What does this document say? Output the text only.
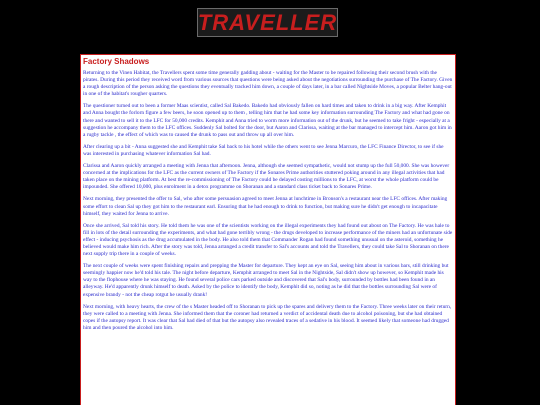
TRAVELLER
Factory Shadows

Returning to the Vinen Habitat, the Travellers spent some time generally gadding about - waiting for the Master to be repaired following their second brush with the pirates. During this period they received word from various sources that questions were being asked about the negotiations surrounding the purchase of The Factory. Given a rough description of the person asking the questions they eventually tracked him down, a couple of days later, in a bar called Nightside Moves, a popular Belter hang-out in one of the habitat's rougher quarters.

The questioner turned out to been a former Maas scientist, called Sal Bakedo. Bakedo had obviously fallen on hard times and taken to drink in a big way. After Kemphit and Anna bought the forlorn figure a few beers, he soon opened up to them , telling him that he had some key information surrounding The Factory and what had gone on there and wanted to sell it to the LFC for 50,000 credits. Kemphit and Anna tried to worm more information out of the drunk, but he seemed to take fright - especially at a suggestion he accompany them to the LFC offices. Suddenly Sal bolted for the door, but Aaron and Clarissa, waiting at the bar managed to intercept him. Aaron got him in a rugby tackle , the effect of which was to caused the drunk to pass out and throw up all over him.

After clearing up a bit - Anna suggested she and Kemphit take Sal back to his hotel while the others went to see Jenna Marcuro, the LFC Finance Director, to see if she was interested in purchasing whatever information Sal had.

Clarissa and Aaron quickly arranged a meeting with Jenna that afternoon. Jenna, although she seemed sympathetic, would not stump up the full 50,000. She was however concerned at the implications for the LFC as the current owners of The Factory if the Sonares Prime authorities stuttered poking around in any illegal activities that had taken place on the mining platform. At best the re-commissioning of The Factory could be delayed costing millions to the LFC, at worst the whole platform could be impounded. She offered 10,000, plus enrolment in a detox programme on Shoranan and a standard class ticket back to Sonares Prime.

Next morning, they presented the offer to Sal, who after some persuasion agreed to meet Jenna at lunchtime in Bronson's a restaurant near the LFC offices. After making some effort to clean Sal up they got him to the restaurant earl. Ensuring that he had enough to drink to function, but making sure he didn't get enough to incapacitate himself, they waited for Jenna to arrive.

Once she arrived, Sal told his story. He told them he was one of the scientists working on the illegal experiments they had found out about on The Factory. He was hale to fill in lots of the detail surrounding the experiments, and what had gone terribly wrong - the drugs developed to increase performance of the miners had an unfortunate side effect - inducing psychosis as the drug accumulated in the body. He also told them that Commander Rogan had found something unusual on the asteroid, something he believed would make him rich. After the story was told, Jenna arranged a credit transfer to Sal's accounts and told the Travellers, they could take Sal to Shoranan on there next supply trip there in a couple of weeks.

The next couple of weeks were spent finishing repairs and prepping the Master for departure. They kept an eye on Sal, seeing him about in various bars, still drinking but seemingly happier now he'd told his tale. The night before departure, Kemphit arranged to meet Sal in the Nightside, Sal didn't show up however, so Kemphit made his way to the flophouse where he was staying. He found several police cars parked outside and discovered that Sal's body, surrounded by bottles had been found in an alleyway. He'd apparently drunk himself to death. Asked by the police to identify the body, Kemphit did so, noting as he did that the bottles surrounding Sal were of expensive brandy - not the cheap rotgut he usually drank!

Next morning, with heavy hearts, the crew of the s Master headed off to Shoranan to pick up the spares and delivery them to the Factory. Three weeks later on their return, they were called to a meeting with Jenna. She informed them that the coroner had returned a verdict of accidental death due to alcohol poisoning, but she had obtained copes if the autopsy report. It was clear that Sal had died of that but the autopsy also revealed traces of a sedative in his blood. It seemed likely that someone had drugged him and then poured the alcohol into him.
